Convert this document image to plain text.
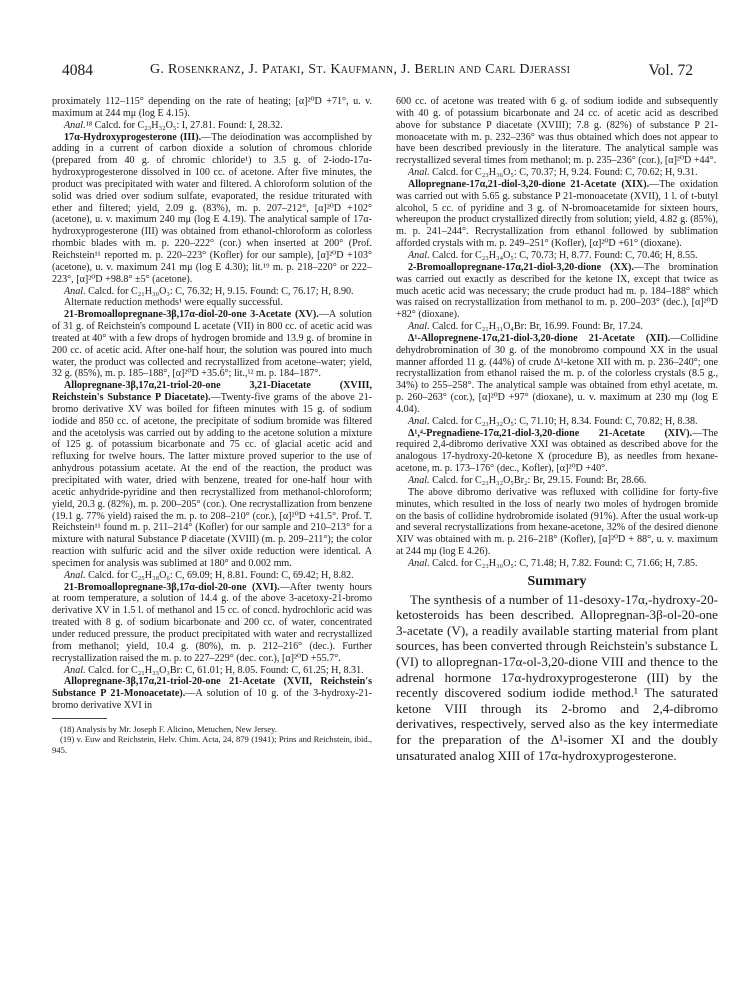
4084	G. Rosenkranz, J. Pataki, St. Kaufmann, J. Berlin and Carl Djerassi	Vol. 72

proximately 112–115° depending on the rate of heating; [α]²⁰D +71°, u. v. maximum at 244 mμ (log E 4.15).

Anal.¹⁸ Calcd. for C₂₃H₃₂O₅: I, 27.81. Found: I, 28.32.

17α-Hydroxyprogesterone (III).—The deiodination was accomplished by adding in a current of carbon dioxide a solution of chromous chloride (prepared from 40 g. of chromic chloride¹) to 3.5 g. of 2-iodo-17α-hydroxyprogesterone dissolved in 100 cc. of acetone. After five minutes, the product was precipitated with water and filtered. A chloroform solution of the solid was dried over sodium sulfate, evaporated, the residue triturated with ether and filtered; yield, 2.09 g. (83%), m. p. 207–212°, [α]²⁰D +102° (acetone), u. v. maximum 240 mμ (log E 4.19). The analytical sample of 17α-hydroxyprogesterone (III) was obtained from ethanol-chloroform as colorless rhombic blades with m. p. 220–222° (cor.) when inserted at 200° (Prof. Reichstein¹¹ reported m. p. 220–223° (Kofler) for our sample), [α]²⁰D +103° (acetone), u. v. maximum 241 mμ (log E 4.30); lit.¹⁹ m. p. 218–220° or 222–223°, [α]²⁰D +98.8° ±5° (acetone).

Anal. Calcd. for C₂₁H₃₀O₃: C, 76.32; H, 9.15. Found: C, 76.17; H, 8.90.

Alternate reduction methods¹ were equally successful.

21-Bromoallopregnane-3β,17α-diol-20-one 3-Acetate (XV).—A solution of 31 g. of Reichstein's compound L acetate (VII) in 800 cc. of acetic acid was treated at 40° with a few drops of hydrogen bromide and 13.9 g. of bromine in 200 cc. of acetic acid. After one-half hour, the solution was poured into much water, the product was collected and recrystallized from acetone–water; yield, 32 g. (85%), m. p. 185–188°, [α]²⁰D +35.6°; lit.,¹² m. p. 184–187°.

Allopregnane-3β,17α,21-triol-20-one 3,21-Diacetate (XVIII, Reichstein's Substance P Diacetate).—Twenty-five grams of the above 21-bromo derivative XV was boiled for fifteen minutes with 15 g. of sodium iodide and 850 cc. of acetone, the precipitate of sodium bromide was filtered and the acetolysis was carried out by adding to the acetone solution a mixture of 125 g. of potassium bicarbonate and 75 cc. of glacial acetic acid and refluxing for twelve hours. The latter mixture proved superior to the use of anhydrous potassium acetate. At the end of the reaction, the product was precipitated with water, dried with benzene, treated for one-half hour with acetic anhydride-pyridine and then recrystallized from methanol-chloroform; yield, 20.3 g. (82%), m. p. 200–205° (cor.). One recrystallization from benzene (19.1 g. 77% yield) raised the m. p. to 208–210° (cor.), [α]²⁰D +41.5°. Prof. T. Reichstein¹¹ found m. p. 211–214° (Kofler) for our sample and 210–213° for a mixture with natural Substance P diacetate (XVIII) (m. p. 209–211°); the color reaction with sulfuric acid and the silver oxide reduction were identical. A specimen for analysis was sublimed at 180° and 0.002 mm.

Anal. Calcd. for C₂₅H₃₈O₆: C, 69.09; H, 8.81. Found: C, 69.42; H, 8.82.

21-Bromoallopregnane-3β,17α-diol-20-one (XVI).—After twenty hours at room temperature, a solution of 14.4 g. of the above 3-acetoxy-21-bromo derivative XV in 1.5 l. of methanol and 15 cc. of concd. hydrochloric acid was treated with 8 g. of sodium bicarbonate and 200 cc. of water, concentrated under reduced pressure, the product precipitated with water and recrystallized from methanol; yield, 10.4 g. (80%), m. p. 212–216° (dec.). Further recrystallization raised the m. p. to 227–229° (dec. cor.), [α]²⁰D +55.7°.

Anal. Calcd. for C₂₁H₃₃O₃Br: C, 61.01; H, 8.05. Found: C, 61.25; H, 8.31.

Allopregnane-3β,17α,21-triol-20-one 21-Acetate (XVII, Reichstein's Substance P 21-Monoacetate).—A solution of 10 g. of the 3-hydroxy-21-bromo derivative XVI in

(18) Analysis by Mr. Joseph F. Alicino, Metuchen, New Jersey.

(19) v. Euw and Reichstein, Helv. Chim. Acta, 24, 879 (1941); Prins and Reichstein, ibid., 945.

600 cc. of acetone was treated with 6 g. of sodium iodide and subsequently with 40 g. of potassium bicarbonate and 24 cc. of acetic acid as described above for substance P diacetate (XVIII); 7.8 g. (82%) of substance P 21-monoacetate with m. p. 232–236° was thus obtained which does not appear to have been described previously in the literature. The analytical sample was recrystallized several times from methanol; m. p. 235–236° (cor.), [α]²⁰D +44°.

Anal. Calcd. for C₂₃H₃₆O₅: C, 70.37; H, 9.24. Found: C, 70.62; H, 9.31.

Allopregnane-17α,21-diol-3,20-dione 21-Acetate (XIX).—The oxidation was carried out with 5.65 g. substance P 21-monoacetate (XVII), 1 l. of t-butyl alcohol, 5 cc. of pyridine and 3 g. of N-bromoacetamide for sixteen hours, whereupon the product crystallized directly from solution; yield, 4.82 g. (85%), m. p. 241–244°. Recrystallization from ethanol followed by sublimation afforded crystals with m. p. 249–251° (Kofler), [α]²⁰D +61° (dioxane).

Anal. Calcd. for C₂₃H₃₄O₅: C, 70.73; H, 8.77. Found: C, 70.46; H, 8.55.

2-Bromoallopregnane-17α,21-diol-3,20-dione (XX).—The bromination was carried out exactly as described for the ketone IX, except that twice as much acetic acid was necessary; the crude product had m. p. 184–188° which was raised on recrystallization from methanol to m. p. 200–203° (dec.), [α]²⁰D +82° (dioxane).

Anal. Calcd. for C₂₁H₃₁O₄Br: Br, 16.99. Found: Br, 17.24.

Δ¹-Allopregnene-17α,21-diol-3,20-dione 21-Acetate (XII).—Collidine dehydrobromination of 30 g. of the monobromo compound XX in the usual manner afforded 11 g. (44%) of crude Δ¹-ketone XII with m. p. 236–240°; one recrystallization from ethanol raised the m. p. of the colorless crystals (8.5 g., 34%) to 255–258°. The analytical sample was obtained from ethyl acetate, m. p. 260–263° (cor.), [α]²⁰D +97° (dioxane), u. v. maximum at 230 mμ (log E 4.04).

Anal. Calcd. for C₂₃H₃₂O₅: C, 71.10; H, 8.34. Found: C, 70.82; H, 8.38.

Δ¹,⁴-Pregnadiene-17α,21-diol-3,20-dione 21-Acetate (XIV).—The required 2,4-dibromo derivative XXI was obtained as described above for the analogous 17-hydroxy-20-ketone X (procedure B), as needles from hexane-acetone, m. p. 173–176° (dec., Kofler), [α]²⁰D +40°.

Anal. Calcd. for C₂₃H₃₂O₅Br₂: Br, 29.15. Found: Br, 28.66.

The above dibromo derivative was refluxed with collidine for forty-five minutes, which resulted in the loss of nearly two moles of hydrogen bromide on the basis of collidine hydrobromide isolated (91%). After the usual work-up and several recrystallizations from hexane-acetone, 32% of the desired dienone XIV was obtained with m. p. 216–218° (Kofler), [α]²⁰D + 88°, u. v. maximum at 244 mμ (log E 4.26).

Anal. Calcd. for C₂₃H₃₀O₅: C, 71.48; H, 7.82. Found: C, 71.66; H, 7.85.

Summary

The synthesis of a number of 11-desoxy-17α,-hydroxy-20-ketosteroids has been described. Allopregnan-3β-ol-20-one 3-acetate (V), a readily available starting material from plant sources, has been converted through Reichstein's substance L (VI) to allopregnan-17α-ol-3,20-dione VIII and thence to the adrenal hormone 17α-hydroxyprogesterone (III) by the recently discovered sodium iodide method.¹ The saturated ketone VIII through its 2-bromo and 2,4-dibromo derivatives, respectively, served also as the key intermediate for the preparation of the Δ¹-isomer XI and the doubly unsaturated analog XIII of 17α-hydroxyprogesterone.
